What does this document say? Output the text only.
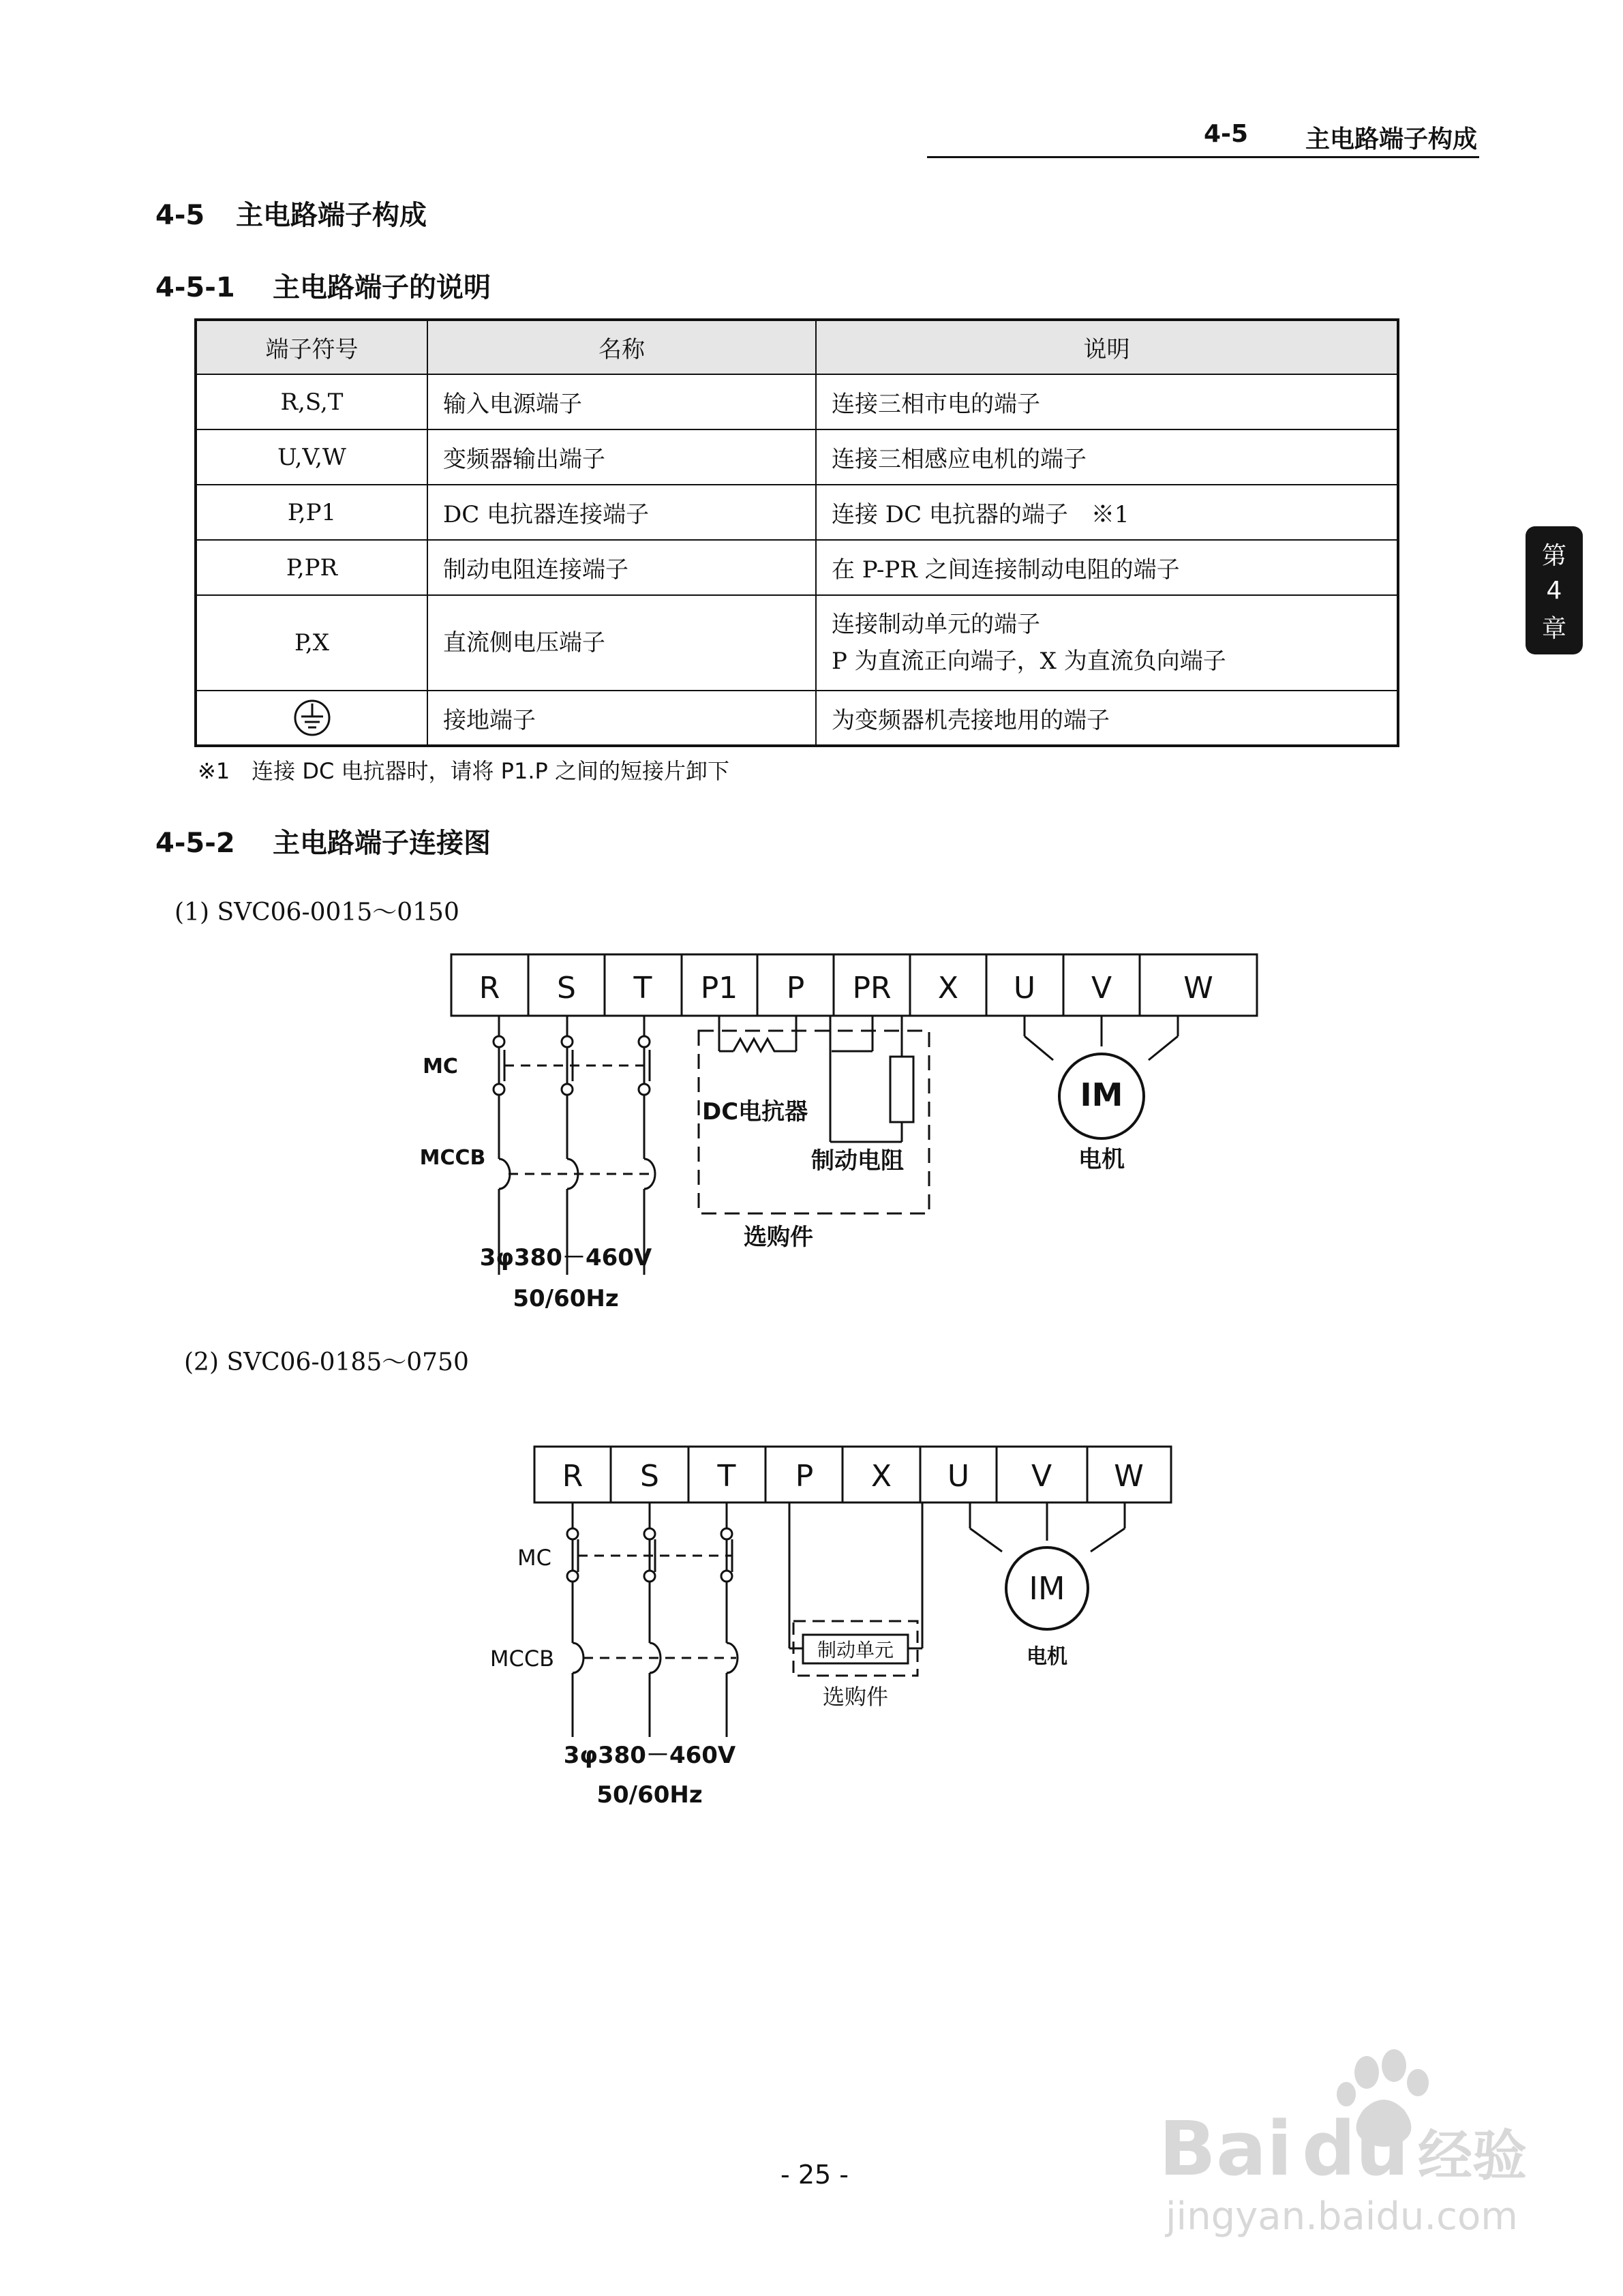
4-5 主电路端子构成
4-5 主电路端子构成
4-5-1 主电路端子的说明
端子符号	名称	说明
R,S,T	输入电源端子	连接三相市电的端子
U,V,W	变频器输出端子	连接三相感应电机的端子
P,P1	DC 电抗器连接端子	连接 DC 电抗器的端子　※1
P,PR	制动电阻连接端子	在 P-PR 之间连接制动电阻的端子
P,X	直流侧电压端子	连接制动单元的端子
P 为直流正向端子，X 为直流负向端子

	接地端子	为变频器机壳接地用的端子
※1　连接 DC 电抗器时，请将 P1.P 之间的短接片卸下
4-5-2 主电路端子连接图
(1) SVC06-0015～0150
R S T P1 P PR X U V W
MC
MCCB
DC电抗器
制动电阻
选购件
IM
电机
3φ380－460V
50/60Hz
(2) SVC06-0185～0750
R S T P X U V W
MC
MCCB	制动单元
选购件
IM
电机
3φ380－460V
50/60Hz
第
4
章
- 25 -	Bai du 经验
jingyan.baidu.com
